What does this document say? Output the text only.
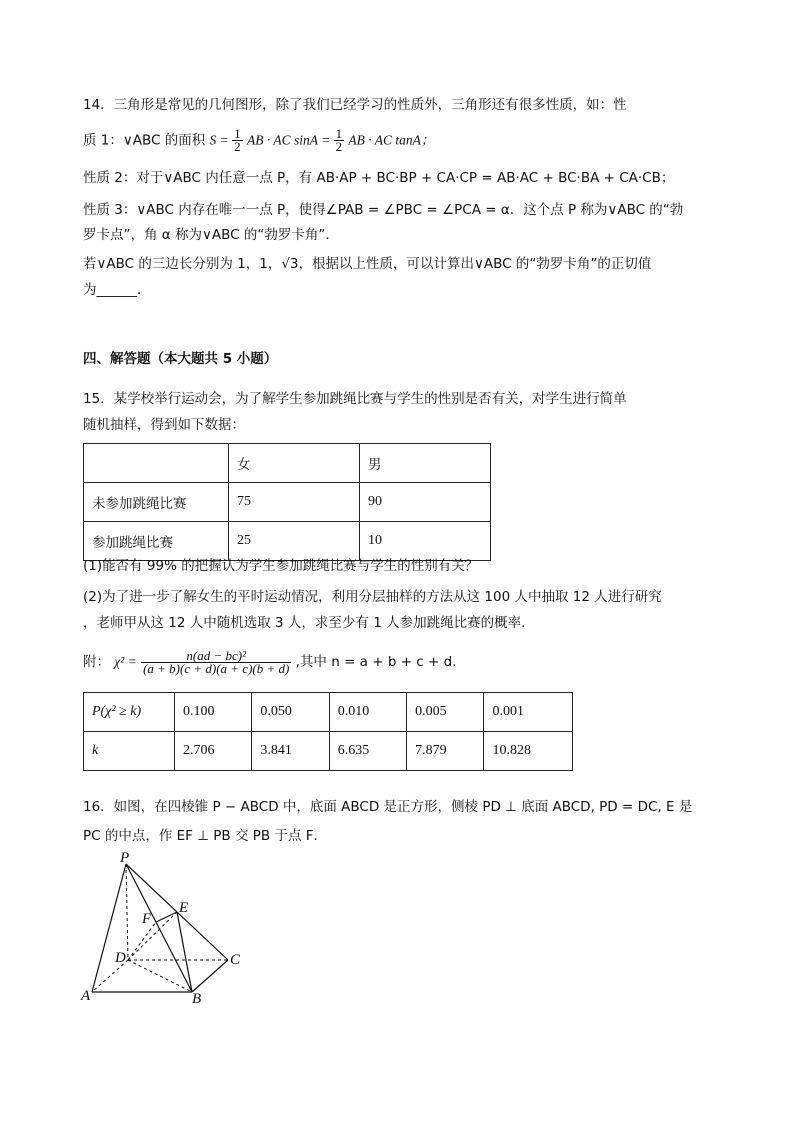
14．三角形是常见的几何图形，除了我们已经学习的性质外，三角形还有很多性质，如：性
质 1：∨ABC 的面积 $S = \frac{1}{2}$ AB · AC $\sin A = \frac{1}{2}$ AB · AC tanA；
性质 2：对于∨ABC 内任意一点 P，有 AB·AP + BC·BP + CA·CP = AB·AC + BC·BA + CA·CB；
性质 3：∨ABC 内存在唯一一点 P，使得∠PAB = ∠PBC = ∠PCA = α．这个点 P 称为∨ABC 的“勃
罗卡点”，角 α 称为∨ABC 的“勃罗卡角”．
若∨ABC 的三边长分别为 1，1，√3，根据以上性质，可以计算出∨ABC 的“勃罗卡角”的正切值
为______．
四、解答题（本大题共 5 小题）
15．某学校举行运动会，为了解学生参加跳绳比赛与学生的性别是否有关，对学生进行简单
随机抽样，得到如下数据：
	女	男
未参加跳绳比赛	75	90
参加跳绳比赛	25	10
(1)能否有 99% 的把握认为学生参加跳绳比赛与学生的性别有关？
(2)为了进一步了解女生的平时运动情况，利用分层抽样的方法从这 100 人中抽取 12 人进行研究
，老师甲从这 12 人中随机选取 3 人，求至少有 1 人参加跳绳比赛的概率．
附： $\chi^2 = \frac{\text{n(ad − bc)²}}{(a + b)(c + d)(a + c)(b + d)}$ ,其中 n = a + b + c + d．
P(χ² ≥ k)	0.100	0.050	0.010	0.005	0.001
k	2.706	3.841	6.635	7.879	10.828
16．如图，在四棱锥 P − ABCD 中，底面 ABCD 是正方形，侧棱 PD ⊥ 底面 ABCD, PD = DC, E 是
PC 的中点，作 EF ⊥ PB 交 PB 于点 F．
P
F
E
D	C
A	B
